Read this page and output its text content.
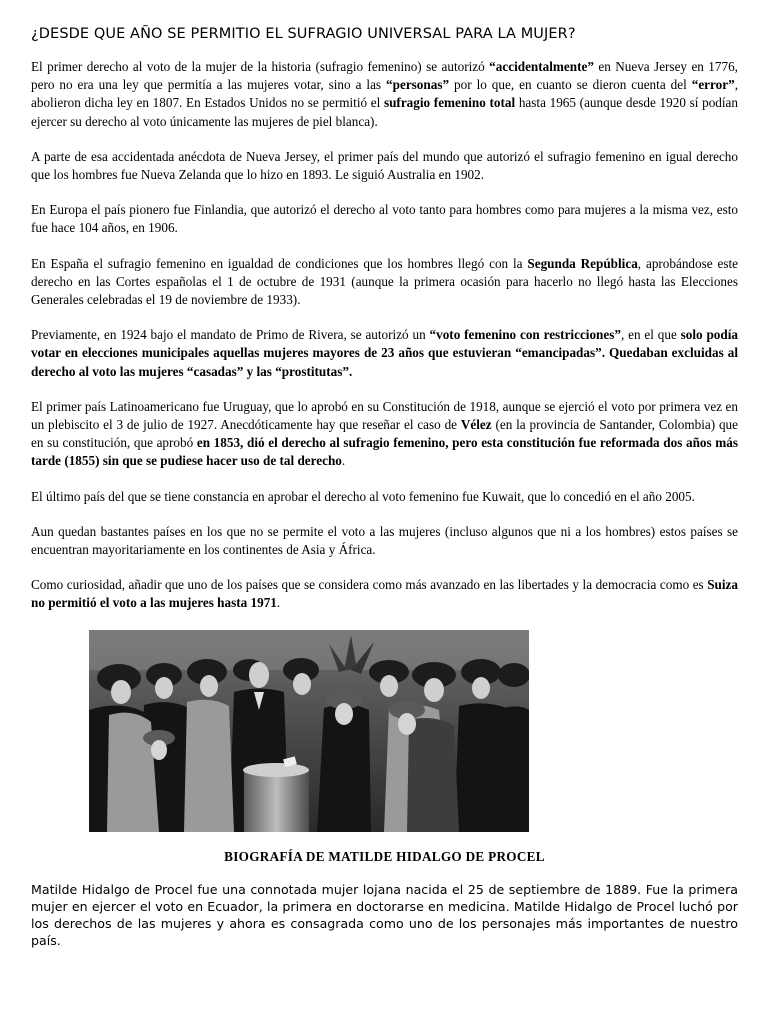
¿DESDE QUE AÑO SE PERMITIO EL SUFRAGIO UNIVERSAL PARA LA MUJER?

El primer derecho al voto de la mujer de la historia (sufragio femenino) se autorizó “accidentalmente” en Nueva Jersey en 1776, pero no era una ley que permitía a las mujeres votar, sino a las “personas” por lo que, en cuanto se dieron cuenta del “error”, abolieron dicha ley en 1807. En Estados Unidos no se permitió el sufragio femenino total hasta 1965 (aunque desde 1920 sí podían ejercer su derecho al voto únicamente las mujeres de piel blanca).

A parte de esa accidentada anécdota de Nueva Jersey, el primer país del mundo que autorizó el sufragio femenino en igual derecho que los hombres fue Nueva Zelanda que lo hizo en 1893. Le siguió Australia en 1902.

En Europa el país pionero fue Finlandia, que autorizó el derecho al voto tanto para hombres como para mujeres a la misma vez, esto fue hace 104 años, en 1906.

En España el sufragio femenino en igualdad de condiciones que los hombres llegó con la Segunda República, aprobándose este derecho en las Cortes españolas el 1 de octubre de 1931 (aunque la primera ocasión para hacerlo no llegó hasta las Elecciones Generales celebradas el 19 de noviembre de 1933).

Previamente, en 1924 bajo el mandato de Primo de Rivera, se autorizó un “voto femenino con restricciones”, en el que solo podía votar en elecciones municipales aquellas mujeres mayores de 23 años que estuvieran “emancipadas”. Quedaban excluidas al derecho al voto las mujeres “casadas” y las “prostitutas”.

El primer país Latinoamericano fue Uruguay, que lo aprobó en su Constitución de 1918, aunque se ejerció el voto por primera vez en un plebiscito el 3 de julio de 1927. Anecdóticamente hay que reseñar el caso de Vélez (en la provincia de Santander, Colombia) que en su constitución, que aprobó en 1853, dió el derecho al sufragio femenino, pero esta constitución fue reformada dos años más tarde (1855) sin que se pudiese hacer uso de tal derecho.

El último país del que se tiene constancia en aprobar el derecho al voto femenino fue Kuwait, que lo concedió en el año 2005.

Aun quedan bastantes países en los que no se permite el voto a las mujeres (incluso algunos que ni a los hombres) estos países se encuentran mayoritariamente en los continentes de Asia y África.

Como curiosidad, añadir que uno de los países que se considera como más avanzado en las libertades y la democracia como es Suiza no permitió el voto a las mujeres hasta 1971.

BIOGRAFÍA DE MATILDE HIDALGO DE PROCEL

Matilde Hidalgo de Procel fue una connotada mujer lojana nacida el 25 de septiembre de 1889. Fue la primera mujer en ejercer el voto en Ecuador, la primera en doctorarse en medicina. Matilde Hidalgo de Procel luchó por los derechos de las mujeres y ahora es consagrada como uno de los personajes más importantes de nuestro país.
